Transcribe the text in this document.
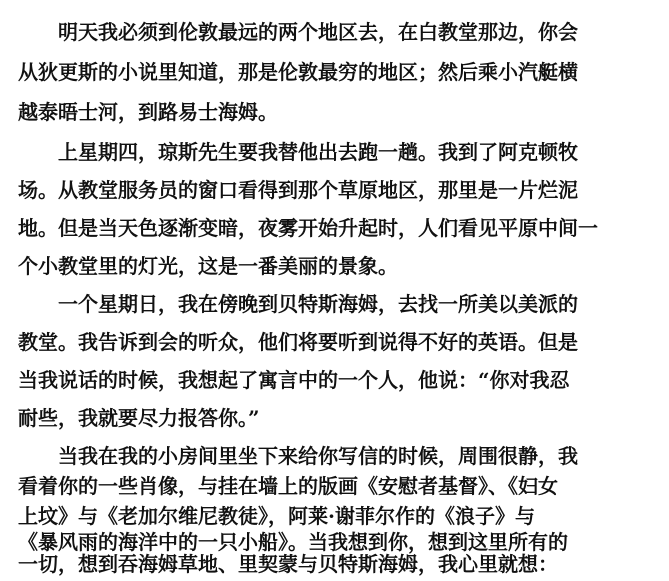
明天我必须到伦敦最远的两个地区去，在白教堂那边，你会
从狄更斯的小说里知道，那是伦敦最穷的地区；然后乘小汽艇横
越泰晤士河，到路易士海姆。
上星期四，琼斯先生要我替他出去跑一趟。我到了阿克顿牧
场。从教堂服务员的窗口看得到那个草原地区，那里是一片烂泥
地。但是当天色逐渐变暗，夜雾开始升起时，人们看见平原中间一
个小教堂里的灯光，这是一番美丽的景象。
一个星期日，我在傍晚到贝特斯海姆，去找一所美以美派的
教堂。我告诉到会的听众，他们将要听到说得不好的英语。但是
当我说话的时候，我想起了寓言中的一个人，他说：“你对我忍
耐些，我就要尽力报答你。”
当我在我的小房间里坐下来给你写信的时候，周围很静，我
看着你的一些肖像，与挂在墙上的版画《安慰者基督》、《妇女
上坟》与《老加尔维尼教徒》，阿莱·谢菲尔作的《浪子》与
《暴风雨的海洋中的一只小船》。当我想到你，想到这里所有的
一切，想到吞海姆草地、里契蒙与贝特斯海姆，我心里就想：
